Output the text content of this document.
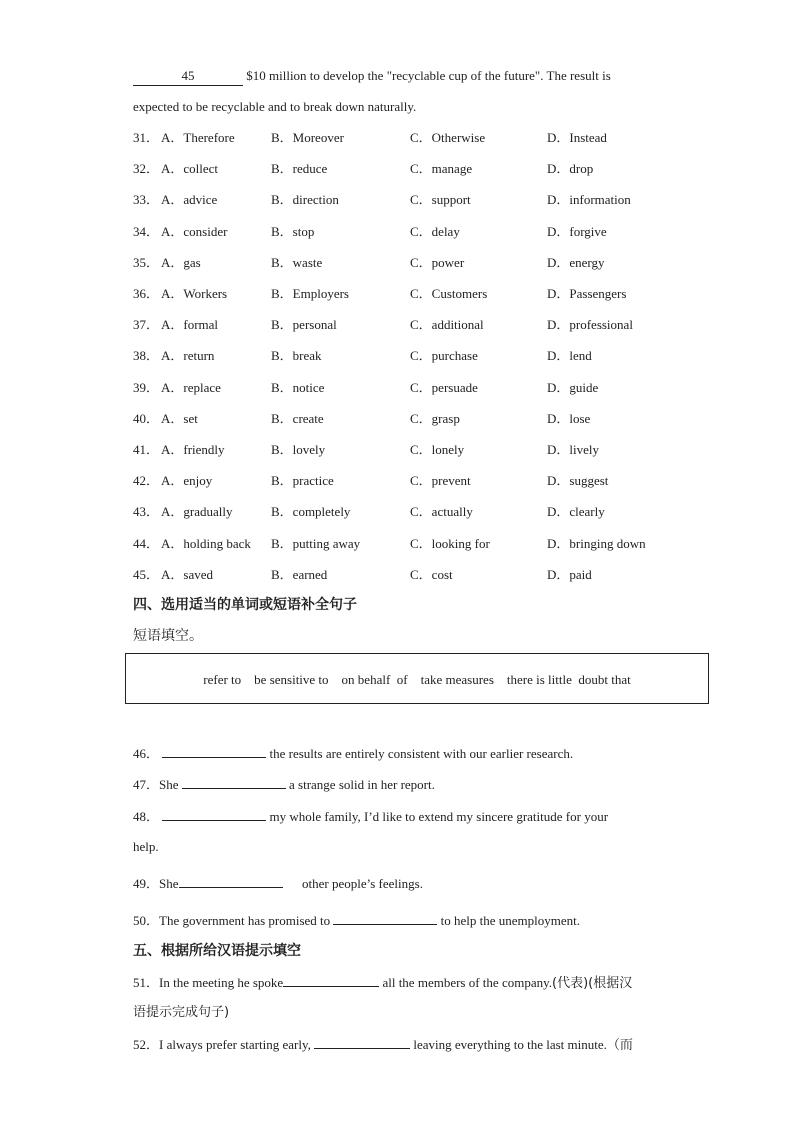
45	$10 million to develop the "recyclable cup of the future". The result is
expected to be recyclable and to break down naturally.
31． A．Therefore	B．Moreover	C．Otherwise	D．Instead
32． A．collect	B．reduce	C．manage	D．drop
33． A．advice	B．direction	C．support	D．information
34． A．consider	B．stop	C．delay	D．forgive
35． A．gas	B．waste	C．power	D．energy
36． A．Workers	B．Employers	C．Customers	D．Passengers
37． A．formal	B．personal	C．additional	D．professional
38． A．return	B．break	C．purchase	D．lend
39． A．replace	B．notice	C．persuade	D．guide
40． A．set	B．create	C．grasp	D．lose
41． A．friendly	B．lovely	C．lonely	D．lively
42． A．enjoy	B．practice	C．prevent	D．suggest
43． A．gradually	B．completely	C．actually	D．clearly
44． A．holding back B．putting away	C．looking for	D．bringing down
45． A．saved	B．earned	C．cost	D．paid
四、选用适当的单词或短语补全句子
短语填空。
refer to    be sensitive to    on behalf  of    take measures    there is little  doubt that
46．	the results are entirely consistent with our earlier research.
47．She	a strange solid in her report.
48．	my whole family, I’d like to extend my sincere gratitude for your
help.
49．She	other people’s feelings.
50．The government has promised to	to help the unemployment.
五、根据所给汉语提示填空
51．In the meeting he spoke	all the members of the company.(代表)(根据汉
语提示完成句子)
52．I always prefer starting early,	leaving everything to the last minute.（而
